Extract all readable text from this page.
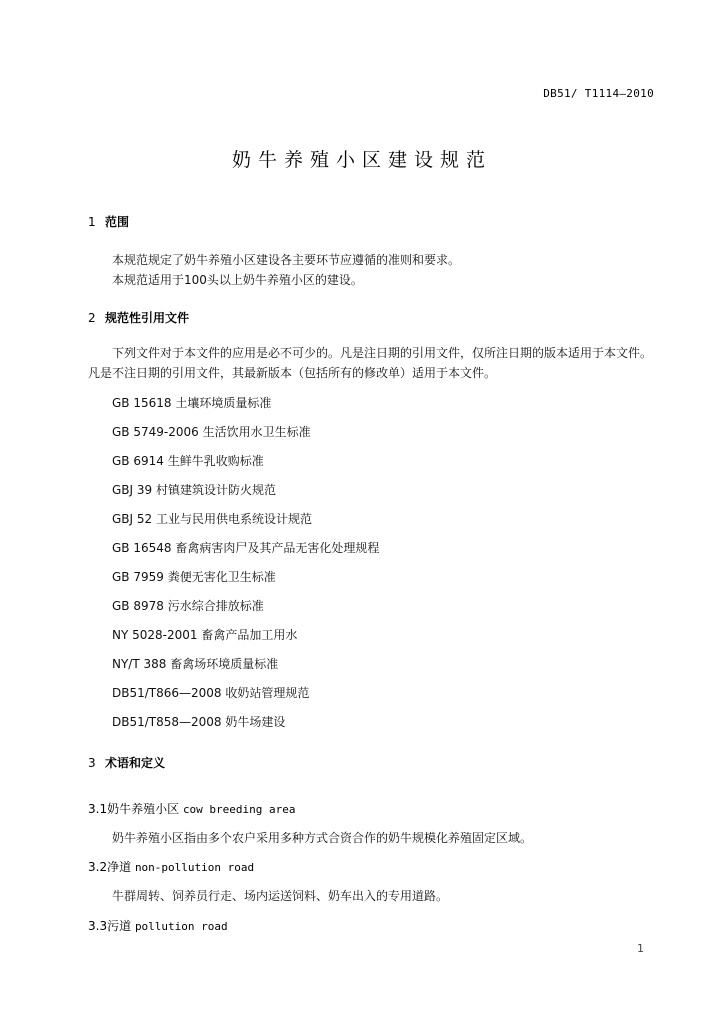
DB51/ T1114—2010
奶牛养殖小区建设规范
1 范围
本规范规定了奶牛养殖小区建设各主要环节应遵循的准则和要求。
本规范适用于100头以上奶牛养殖小区的建设。
2 规范性引用文件
下列文件对于本文件的应用是必不可少的。凡是注日期的引用文件，仅所注日期的版本适用于本文件。凡是不注日期的引用文件，其最新版本（包括所有的修改单）适用于本文件。
GB 15618 土壤环境质量标准
GB 5749-2006 生活饮用水卫生标准
GB 6914 生鲜牛乳收购标准
GBJ 39 村镇建筑设计防火规范
GBJ 52 工业与民用供电系统设计规范
GB 16548 畜禽病害肉尸及其产品无害化处理规程
GB 7959 粪便无害化卫生标准
GB 8978 污水综合排放标准
NY 5028-2001 畜禽产品加工用水
NY/T 388 畜禽场环境质量标准
DB51/T866—2008 收奶站管理规范
DB51/T858—2008 奶牛场建设
3 术语和定义
3.1奶牛养殖小区 cow breeding area
奶牛养殖小区指由多个农户采用多种方式合资合作的奶牛规模化养殖固定区域。
3.2净道 non-pollution road
牛群周转、饲养员行走、场内运送饲料、奶车出入的专用道路。
3.3污道 pollution road
1
